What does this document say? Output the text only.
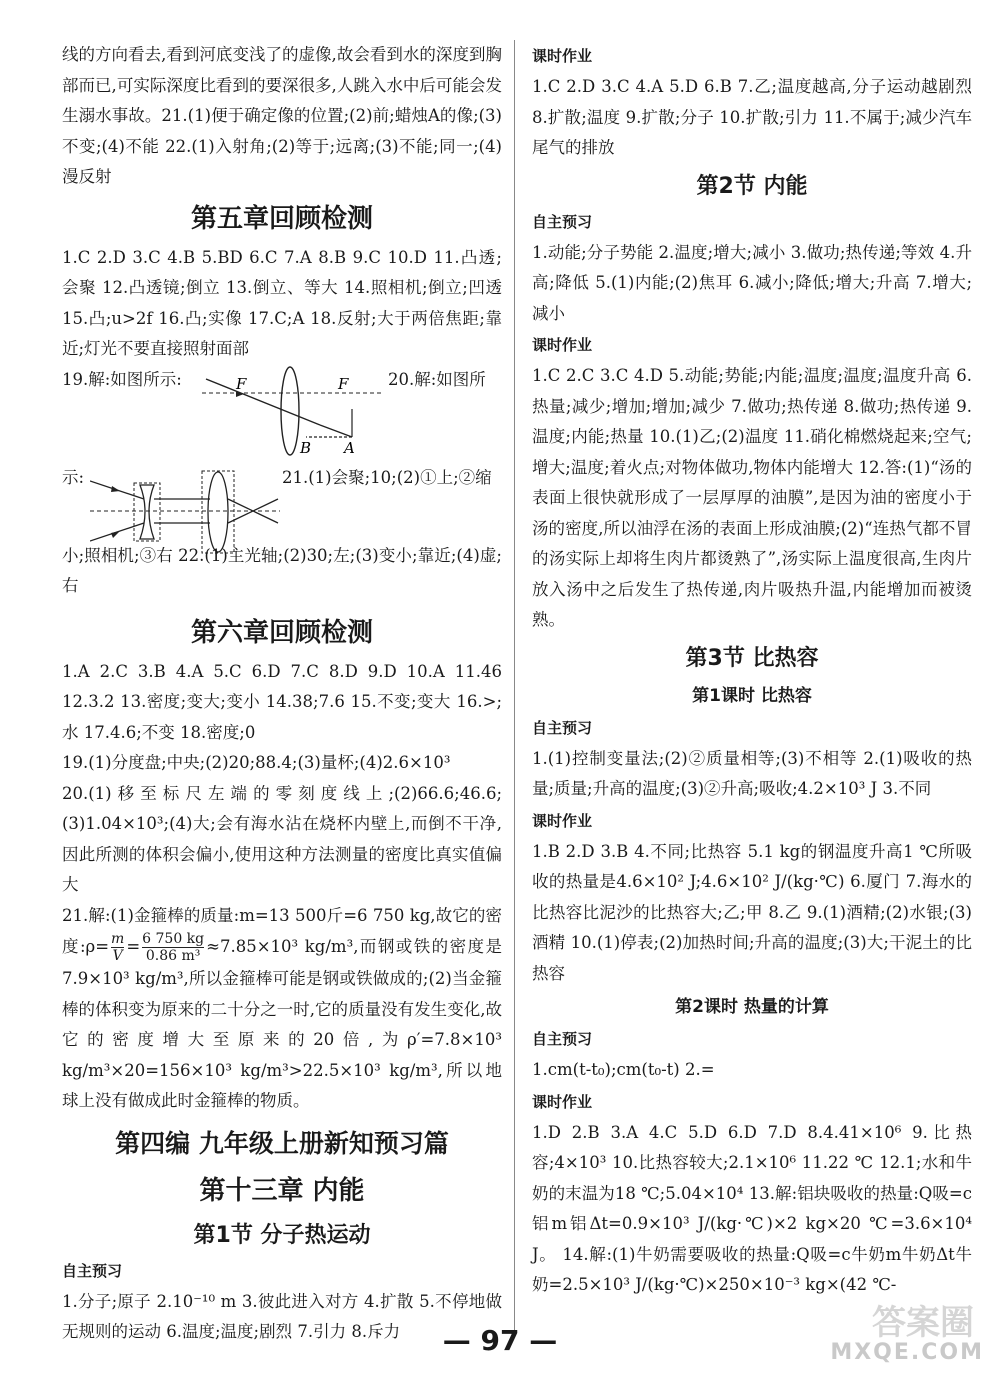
线的方向看去,看到河底变浅了的虚像,故会看到水的深度到胸部而已,可实际深度比看到的要深很多,人跳入水中后可能会发生溺水事故。21.(1)便于确定像的位置;(2)前;蜡烛A的像;(3)不变;(4)不能 22.(1)入射角;(2)等于;远离;(3)不能;同一;(4)漫反射

第五章回顾检测

1.C 2.D 3.C 4.B 5.BD 6.C 7.A 8.B 9.C 10.D 11.凸透;会聚 12.凸透镜;倒立 13.倒立、等大 14.照相机;倒立;凹透 15.凸;u>2f 16.凸;实像 17.C;A 18.反射;大于两倍焦距;靠近;灯光不要直接照射面部

19.解:如图所示:	20.解:如图所
F	F
B A
示:	21.(1)会聚;10;(2)①上;②缩

小;照相机;③右 22.(1)主光轴;(2)30;左;(3)变小;靠近;(4)虚;右

第六章回顾检测

1.A 2.C 3.B 4.A 5.C 6.D 7.C 8.D 9.D 10.A 11.46 12.3.2 13.密度;变大;变小 14.38;7.6 15.不变;变大 16.>;水 17.4.6;不变 18.密度;0

19.(1)分度盘;中央;(2)20;88.4;(3)量杯;(4)2.6×10³

20.(1)移至标尺左端的零刻度线上;(2)66.6;46.6;(3)1.04×10³;(4)大;会有海水沾在烧杯内壁上,而倒不干净,因此所测的体积会偏小,使用这种方法测量的密度比真实值偏大

21.解:(1)金箍棒的质量:m=13 500斤=6 750 kg,故它的密度:ρ= $\frac{m}{V} = \frac{6 750 kg}{\text{0.86 m³}} \approx 7.85\times 10^3$ kg/m³,而钢或铁的密度是7.9×10³ kg/m³,所以金箍棒可能是钢或铁做成的;(2)当金箍棒的体积变为原来的二十分之一时,它的质量没有发生变化,故它的密度增大至原来的20倍,为ρ′=7.8×10³ kg/m³×20=156×10³ kg/m³>22.5×10³ kg/m³,所以地球上没有做成此时金箍棒的物质。

第四编 九年级上册新知预习篇
第十三章 内能
第1节 分子热运动
自主预习

1.分子;原子 2.10⁻¹⁰ m 3.彼此进入对方 4.扩散 5.不停地做无规则的运动 6.温度;温度;剧烈 7.引力 8.斥力

课时作业

1.C 2.D 3.C 4.A 5.D 6.B 7.乙;温度越高,分子运动越剧烈 8.扩散;温度 9.扩散;分子 10.扩散;引力 11.不属于;减少汽车尾气的排放

第2节 内能
自主预习

1.动能;分子势能 2.温度;增大;减小 3.做功;热传递;等效 4.升高;降低 5.(1)内能;(2)焦耳 6.减小;降低;增大;升高 7.增大;减小

课时作业

1.C 2.C 3.C 4.D 5.动能;势能;内能;温度;温度;温度升高 6.热量;减少;增加;增加;减少 7.做功;热传递 8.做功;热传递 9.温度;内能;热量 10.(1)乙;(2)温度 11.硝化棉燃烧起来;空气;增大;温度;着火点;对物体做功,物体内能增大 12.答:(1)“汤的表面上很快就形成了一层厚厚的油膜”,是因为油的密度小于汤的密度,所以油浮在汤的表面上形成油膜;(2)“连热气都不冒的汤实际上却将生肉片都烫熟了”,汤实际上温度很高,生肉片放入汤中之后发生了热传递,肉片吸热升温,内能增加而被烫熟。

第3节 比热容
第1课时 比热容
自主预习

1.(1)控制变量法;(2)②质量相等;(3)不相等 2.(1)吸收的热量;质量;升高的温度;(3)②升高;吸收;4.2×10³ J 3.不同

课时作业

1.B 2.D 3.B 4.不同;比热容 5.1 kg的钢温度升高1 ℃所吸收的热量是4.6×10² J;4.6×10² J/(kg·℃) 6.厦门 7.海水的比热容比泥沙的比热容大;乙;甲 8.乙 9.(1)酒精;(2)水银;(3)酒精 10.(1)停表;(2)加热时间;升高的温度;(3)大;干泥土的比热容

第2课时 热量的计算
自主预习

1.cm(t-t₀);cm(t₀-t) 2.=

课时作业

1.D 2.B 3.A 4.C 5.D 6.D 7.D 8.4.41×10⁶ 9.比热容;4×10³ 10.比热容较大;2.1×10⁶ 11.22 ℃ 12.1;水和牛奶的末温为18 ℃;5.04×10⁴ 13.解:铝块吸收的热量:Q吸=c铝m铝Δt=0.9×10³ J/(kg·℃)×2 kg×20 ℃=3.6×10⁴ J。 14.解:(1)牛奶需要吸收的热量:Q吸=c牛奶m牛奶Δt牛奶=2.5×10³ J/(kg·℃)×250×10⁻³ kg×(42 ℃-

— 97 —	答案圈
MXQE.COM
